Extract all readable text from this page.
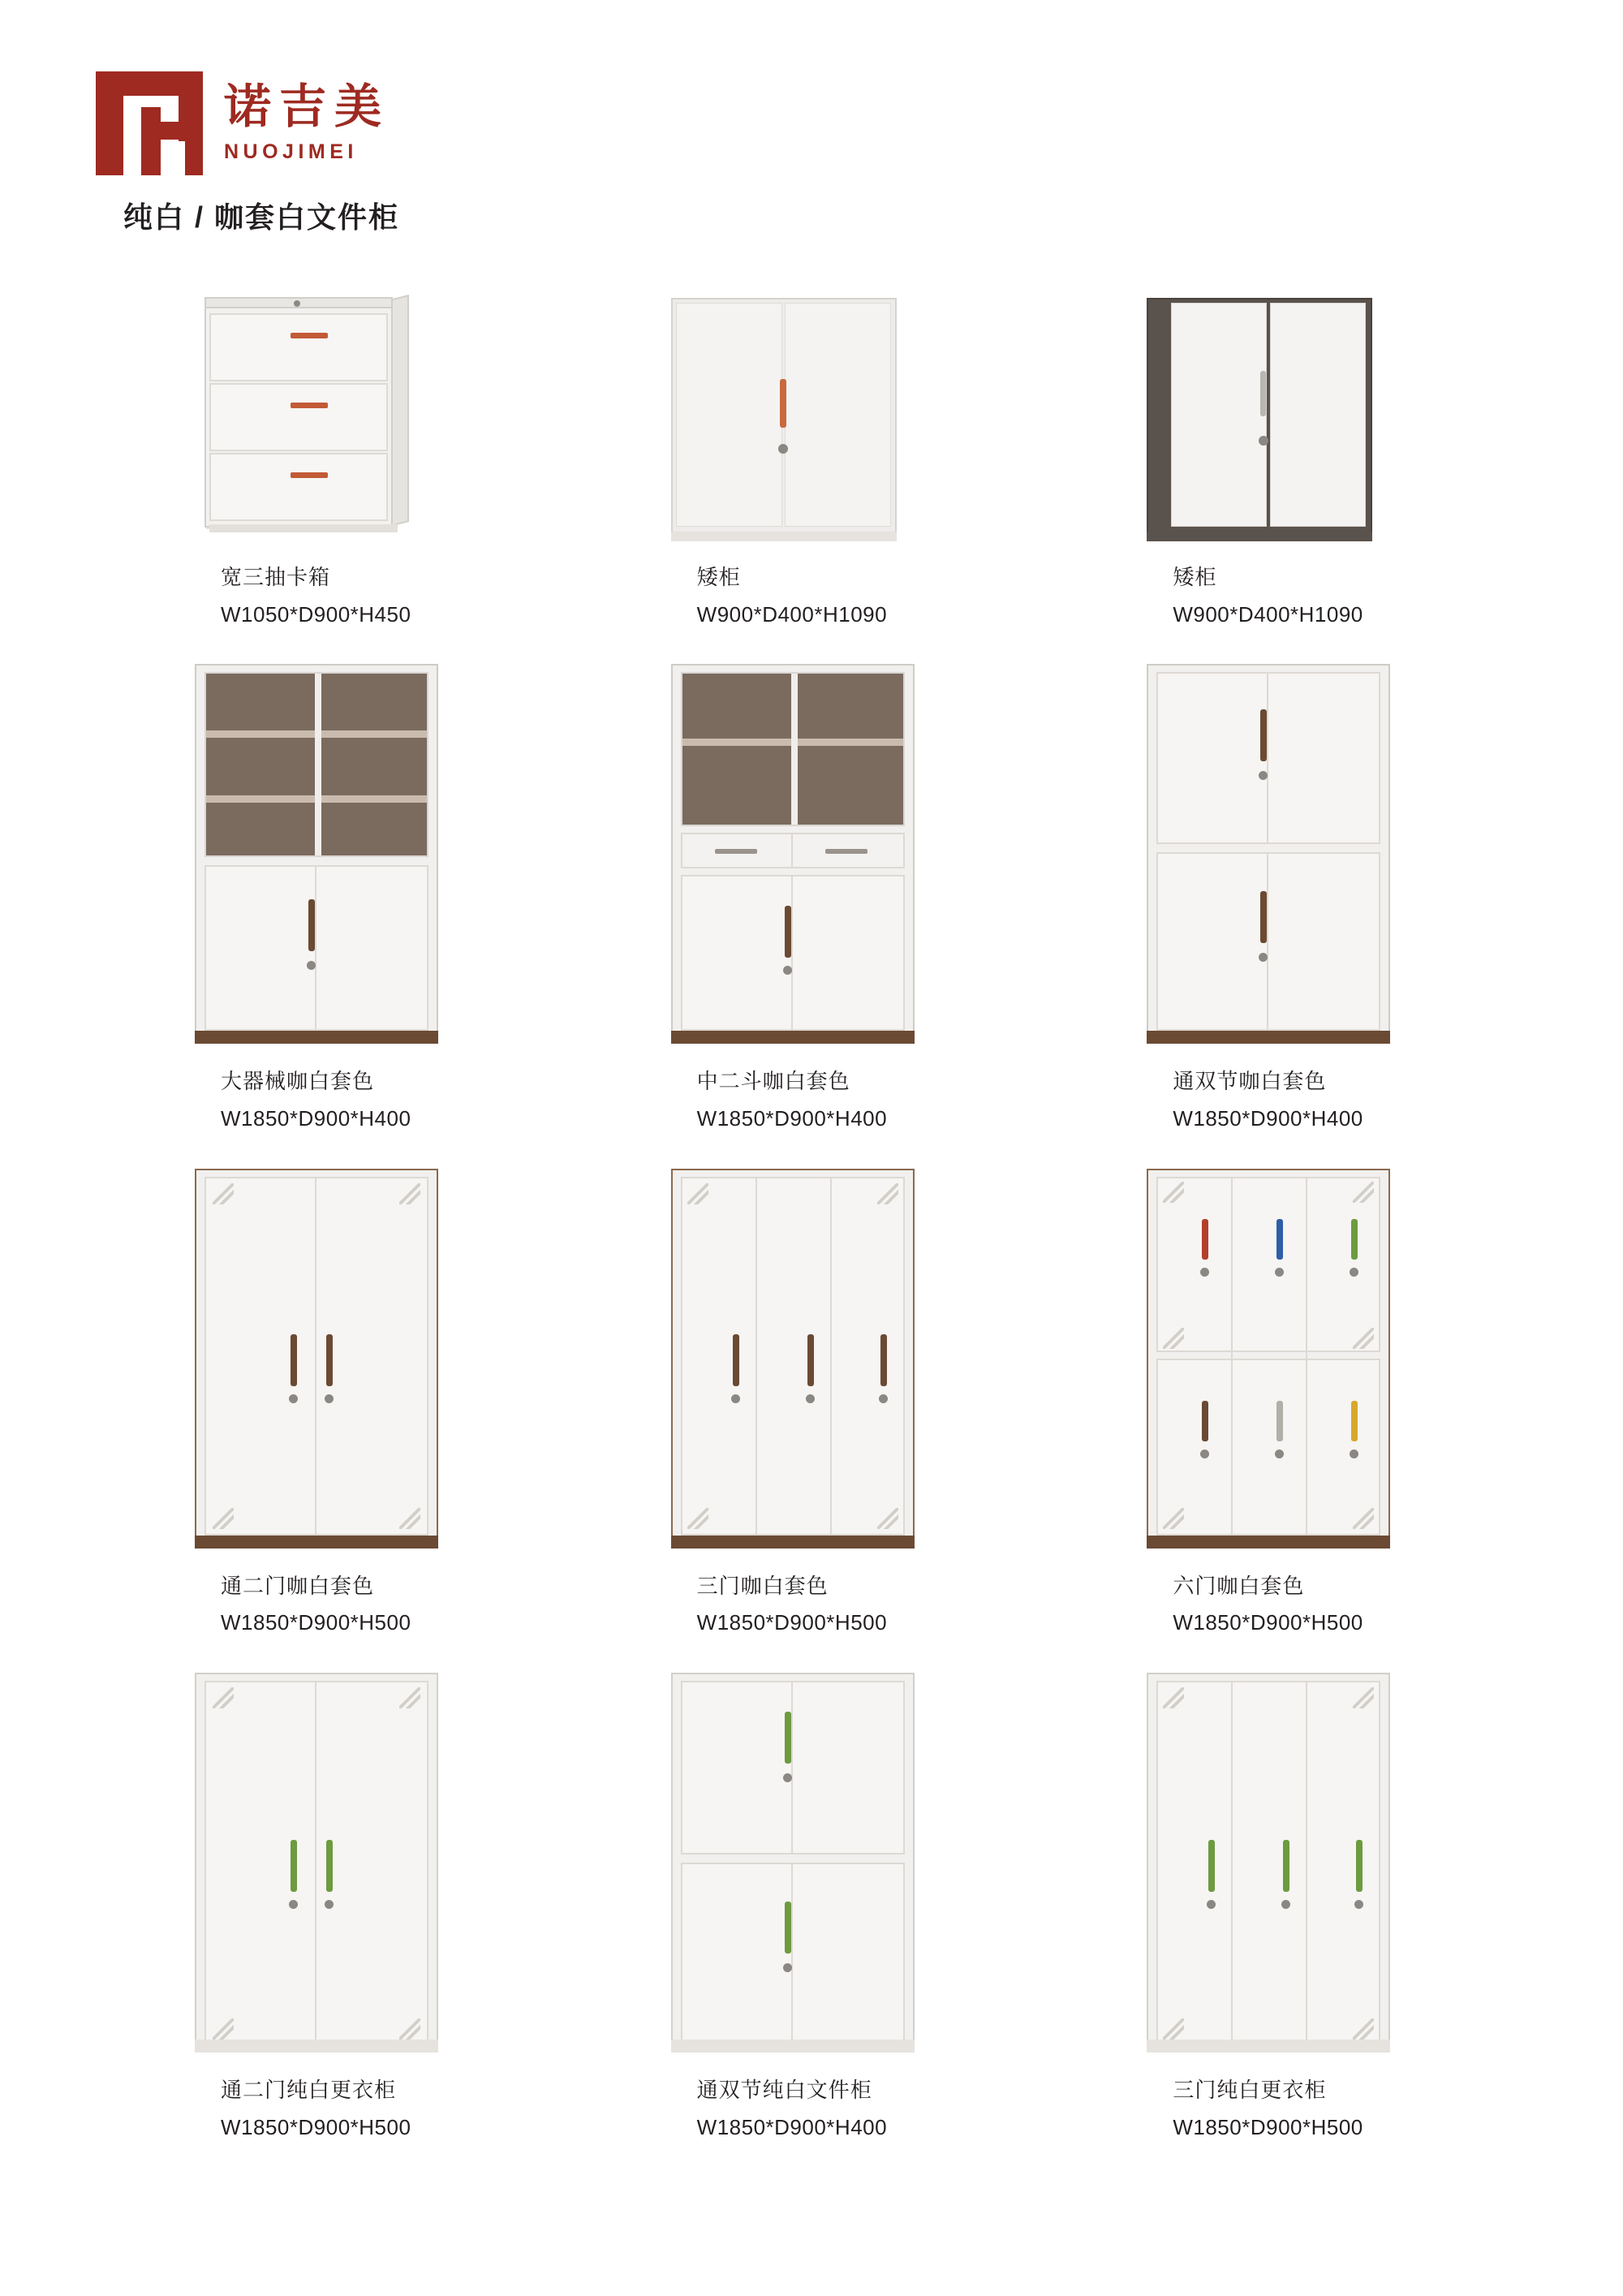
诺吉美
NUOJIMEI
纯白 / 咖套白文件柜
宽三抽卡箱
W1050*D900*H450
矮柜
W900*D400*H1090
矮柜
W900*D400*H1090
大器械咖白套色
W1850*D900*H400
中二斗咖白套色
W1850*D900*H400
通双节咖白套色
W1850*D900*H400
通二门咖白套色
W1850*D900*H500
三门咖白套色
W1850*D900*H500
六门咖白套色
W1850*D900*H500
通二门纯白更衣柜
W1850*D900*H500
通双节纯白文件柜
W1850*D900*H400
三门纯白更衣柜
W1850*D900*H500
